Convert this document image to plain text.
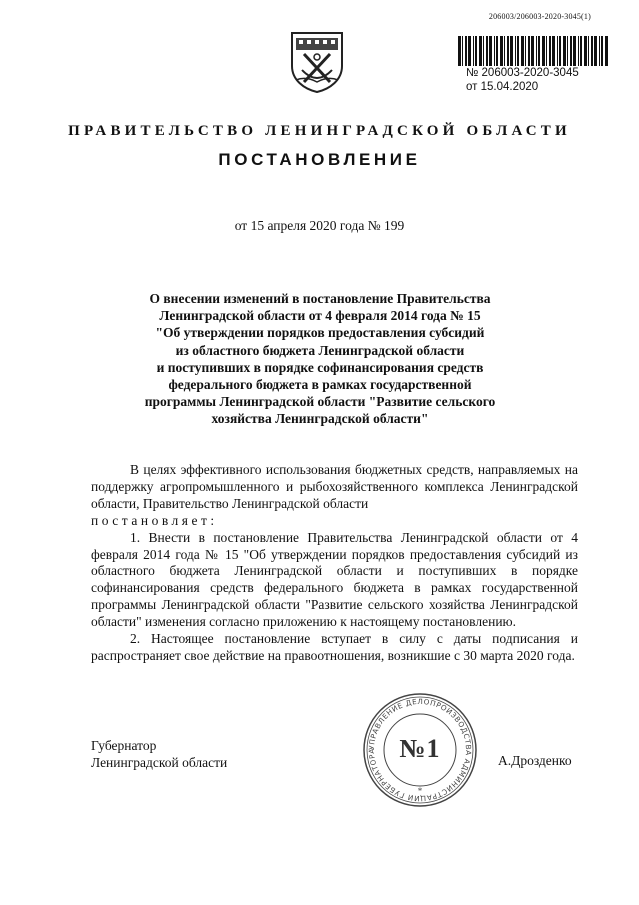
206003/206003-2020-3045(1)
№ 206003-2020-3045
от 15.04.2020
ПРАВИТЕЛЬСТВО ЛЕНИНГРАДСКОЙ ОБЛАСТИ
ПОСТАНОВЛЕНИЕ
от 15 апреля 2020 года № 199
О внесении изменений в постановление Правительства
Ленинградской области от 4 февраля 2014 года № 15
"Об утверждении порядков предоставления субсидий
из областного бюджета Ленинградской области
и поступивших в порядке софинансирования средств
федерального бюджета в рамках государственной
программы Ленинградской области "Развитие сельского
хозяйства Ленинградской области"

В целях эффективного использования бюджетных средств, направляемых на поддержку агропромышленного и рыбохозяйственного комплекса Ленинградской области, Правительство Ленинградской области

постановляет:

1. Внести в постановление Правительства Ленинградской области от 4 февраля 2014 года № 15 "Об утверждении порядков предоставления субсидий из областного бюджета Ленинградской области и поступивших в порядке софинансирования средств федерального бюджета в рамках государственной программы Ленинградской области "Развитие сельского хозяйства Ленинградской области" изменения согласно приложению к настоящему постановлению.

2. Настоящее постановление вступает в силу с даты подписания и распространяет свое действие на правоотношения, возникшие с 30 марта 2020 года.

Губернатор
Ленинградской области	А.Дрозденко
УПРАВЛЕНИЕ ДЕЛОПРОИЗВОДСТВА АДМИНИСТРАЦИИ ГУБЕРНАТОРА
*
№1
